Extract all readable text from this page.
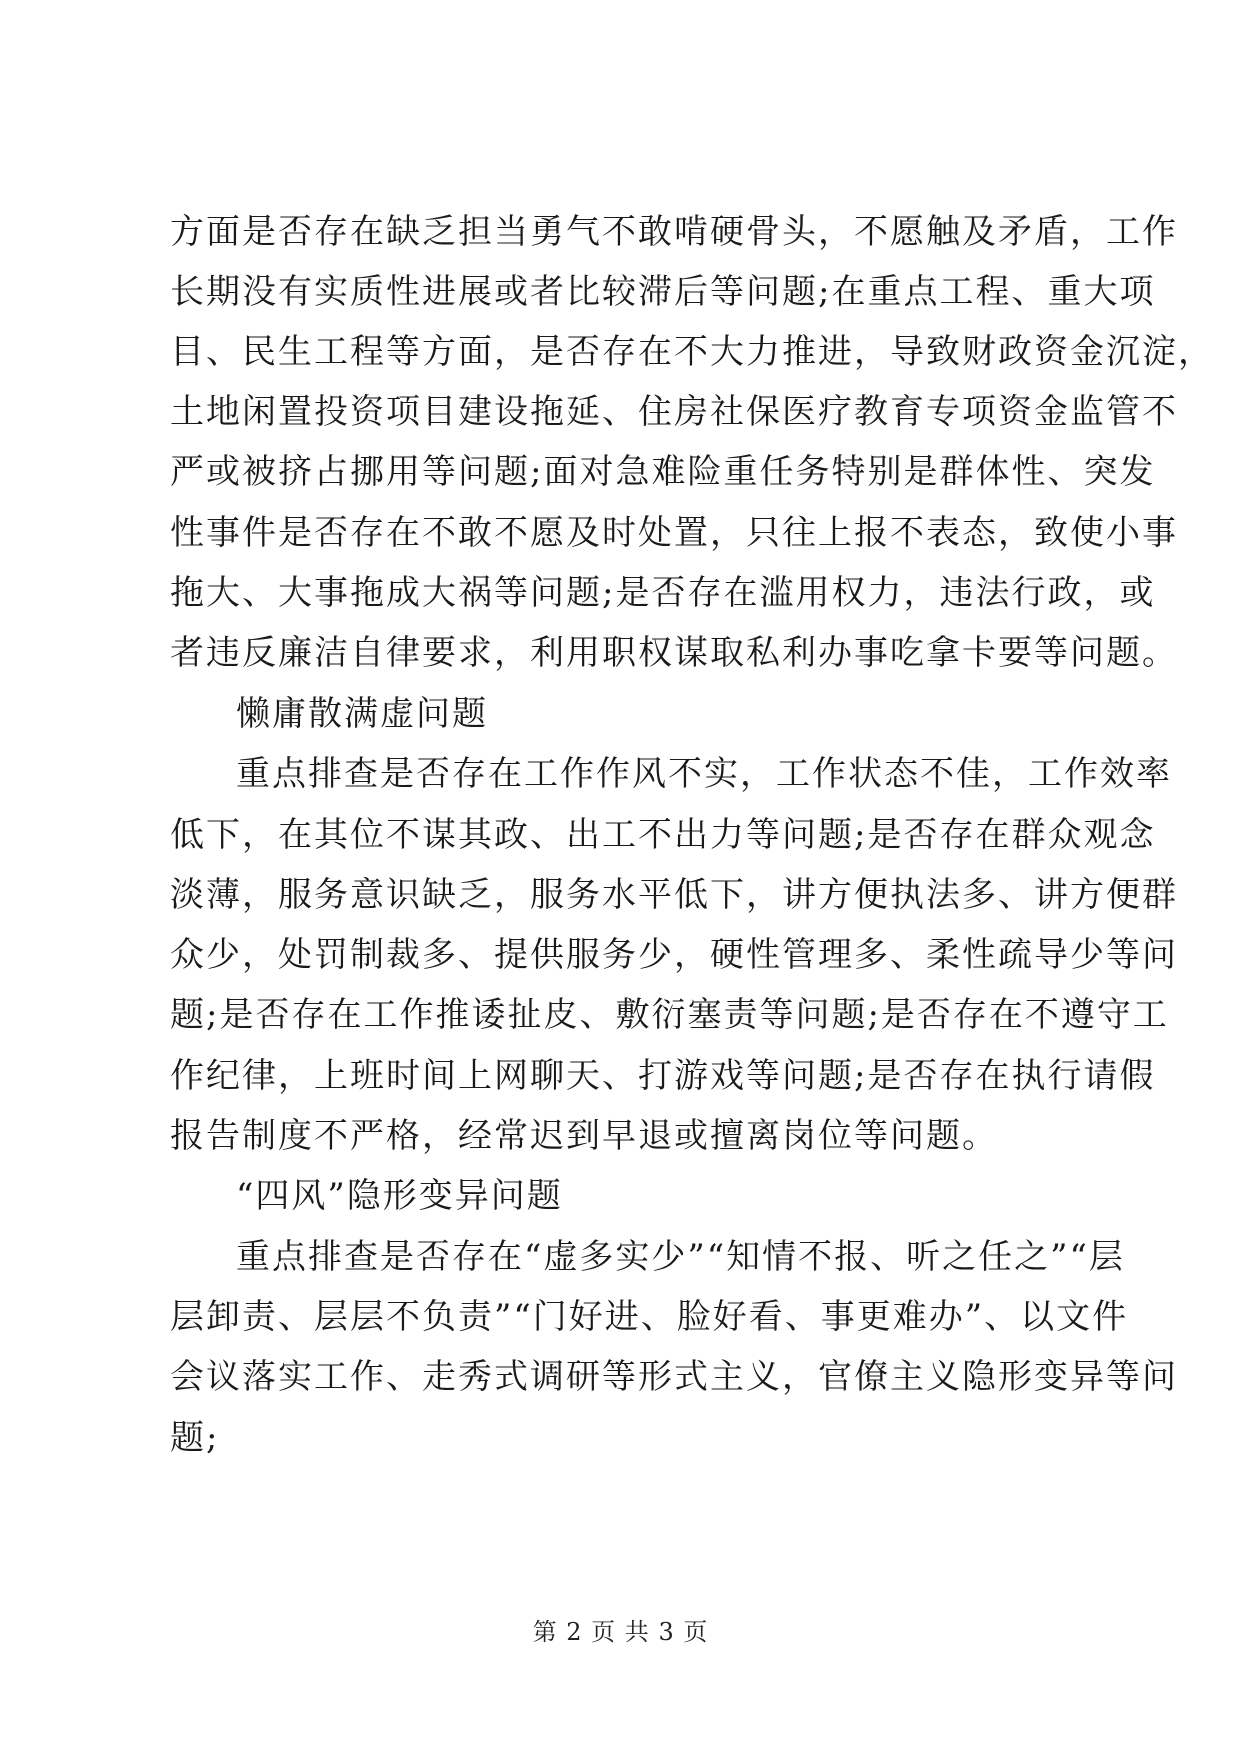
方面是否存在缺乏担当勇气不敢啃硬骨头，不愿触及矛盾，工作
长期没有实质性进展或者比较滞后等问题;在重点工程、重大项
目、民生工程等方面，是否存在不大力推进，导致财政资金沉淀，
土地闲置投资项目建设拖延、住房社保医疗教育专项资金监管不
严或被挤占挪用等问题;面对急难险重任务特别是群体性、突发
性事件是否存在不敢不愿及时处置，只往上报不表态，致使小事
拖大、大事拖成大祸等问题;是否存在滥用权力，违法行政，或
者违反廉洁自律要求，利用职权谋取私利办事吃拿卡要等问题。
懒庸散满虚问题
重点排查是否存在工作作风不实，工作状态不佳，工作效率
低下，在其位不谋其政、出工不出力等问题;是否存在群众观念
淡薄，服务意识缺乏，服务水平低下，讲方便执法多、讲方便群
众少，处罚制裁多、提供服务少，硬性管理多、柔性疏导少等问
题;是否存在工作推诿扯皮、敷衍塞责等问题;是否存在不遵守工
作纪律，上班时间上网聊天、打游戏等问题;是否存在执行请假
报告制度不严格，经常迟到早退或擅离岗位等问题。
“四风”隐形变异问题
重点排查是否存在“虚多实少”“知情不报、听之任之”“层
层卸责、层层不负责”“门好进、脸好看、事更难办”、以文件
会议落实工作、走秀式调研等形式主义，官僚主义隐形变异等问
题;
第 2 页 共 3 页
